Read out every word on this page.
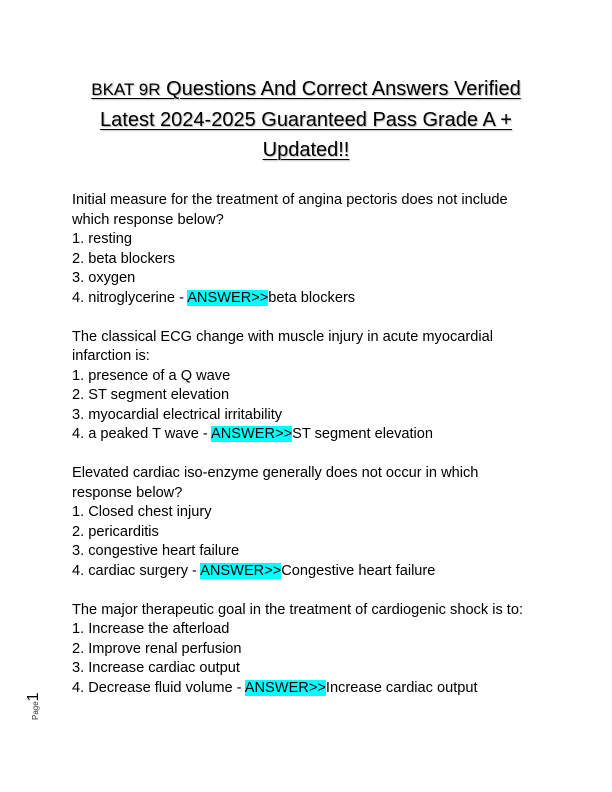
BKAT 9R Questions And Correct Answers Verified
Latest 2024-2025 Guaranteed Pass Grade A +
Updated!!
Initial measure for the treatment of angina pectoris does not include
which response below?
1. resting
2. beta blockers
3. oxygen
4. nitroglycerine - ANSWER>>beta blockers
The classical ECG change with muscle injury in acute myocardial
infarction is:
1. presence of a Q wave
2. ST segment elevation
3. myocardial electrical irritability
4. a peaked T wave - ANSWER>>ST segment elevation
Elevated cardiac iso-enzyme generally does not occur in which
response below?
1. Closed chest injury
2. pericarditis
3. congestive heart failure
4. cardiac surgery - ANSWER>>Congestive heart failure
The major therapeutic goal in the treatment of cardiogenic shock is to:
1. Increase the afterload
2. Improve renal perfusion
3. Increase cardiac output
4. Decrease fluid volume - ANSWER>>Increase cardiac output
Page1
